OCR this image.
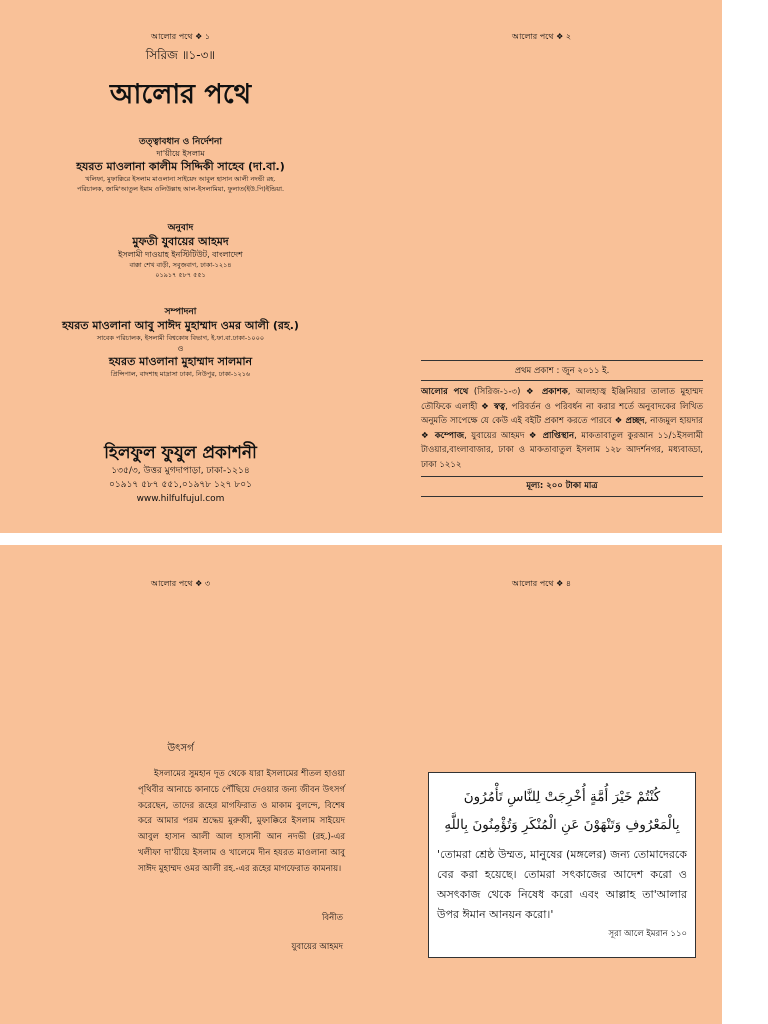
আলোর পথে ❖ ১
সিরিজ ॥১-৩॥
আলোর পথে
তত্ত্বাবধান ও নির্দেশনা
দা'য়ীয়ে ইসলাম
হযরত মাওলানা কালীম সিদ্দিকী সাহেব (দা.বা.)
খলিফা, মুফাক্কিরে ইসলাম মাওলানা সাইয়েদ আবুল হাসান আলী নদভী রহ.
পরিচালক, জামি'আতুল ইমাম ওলিউল্লাহ আল-ইসলামিয়া, ফুলাত(ইউ.পি)ইন্ডিয়া.
অনুবাদ
মুফতী যুবায়ের আহমদ
ইসলামী দাওয়াহ ইনস্টিটিউট, বাংলাদেশ
বাক্কা শেখ বাড়ী, সবুজবাগ, ঢাকা-১২১৪
০১৯১৭ ৫৮৭ ৫৫১
সম্পাদনা
হযরত মাওলানা আবু সাঈদ মুহাম্মাদ ওমর আলী (রহ.)
সাবেক পরিচালক, ইসলামী বিশ্বকোষ বিভাগ, ই.ফা.বা.ঢাকা-১০০০
ও
হযরত মাওলানা মুহাম্মাদ সালমান
প্রিন্সিপাল, বাদশাহ মাদ্রাসা ঢাকা, নিউপুর, ঢাকা-১২১৬
হিলফুল ফুযুল প্রকাশনী
১৩৫/৩, উত্তর মুগদাপাড়া, ঢাকা-১২১৪
০১৯১৭ ৫৮৭ ৫৫১,০১৯৭৮ ১২৭ ৮০১
www.hilfulfujul.com
আলোর পথে ❖ ২
প্রথম প্রকাশ : জুন ২০১১ ই.
আলোর পথে (সিরিজ-১-৩) ❖ প্রকাশক, আলহাজ্ব ইঞ্জিনিয়ার তালাত মুহাম্মদ তৌফিকে এলাহী ❖ স্বত্ব, পরিবর্তন ও পরিবর্ধন না করার শর্তে অনুবাদকের লিখিত অনুমতি সাপেক্ষে যে কেউ এই বইটি প্রকাশ করতে পারবে ❖ প্রচ্ছদ, নাজমুল হায়দার ❖ কম্পোজ, যুবায়ের আহমদ ❖ প্রাপ্তিস্থান, মাকতাবাতুল কুরআন ১১/১ইসলামী টাওয়ার,বাংলাবাজার, ঢাকা ও মাকতাবাতুল ইসলাম ১২৮ আদর্শনগর, মধ্যবাড্ডা, ঢাকা ১২১২
মূল্য: ২০০ টাকা মাত্র
আলোর পথে ❖ ৩
উৎসর্গ
ইসলামের সুমহান দূত থেকে যারা ইসলামের শীতল হাওয়া পৃথিবীর আনাচে কানাচে পৌঁছিয়ে দেওয়ার জন্য জীবন উৎসর্গ করেছেন, তাদের রূহের মাগফিরাত ও মাকাম বুলন্দে, বিশেষ করে আমার পরম শ্রদ্ধেয় মুরুব্বী, মুফাক্কিরে ইসলাম সাইয়েদ আবুল হাসান আলী আল হাসানী আন নদভী (রহ.)-এর খলীফা দা'য়ীয়ে ইসলাম ও খালেমে দীন হযরত মাওলানা আবু সাঈদ মুহাম্মদ ওমর আলী রহ.-এর রূহের মাগফেরাত কামনায়।
বিনীত
যুবায়ের আহমদ
আলোর পথে ❖ ৪
كُنْتُمْ خَيْرَ أُمَّةٍ أُخْرِجَتْ لِلنَّاسِ تَأْمُرُونَ
بِالْمَعْرُوفِ وَتَنْهَوْنَ عَنِ الْمُنْكَرِ وَتُؤْمِنُونَ بِاللَّهِ
'তোমরা শ্রেষ্ঠ উম্মত, মানুষের (মঙ্গলের) জন্য তোমাদেরকে বের করা হয়েছে। তোমরা সৎকাজের আদেশ করো ও অসৎকাজ থেকে নিষেধ করো এবং আল্লাহ তা'আলার উপর ঈমান আনয়ন করো।'
সূরা আলে ইমরান ১১০
